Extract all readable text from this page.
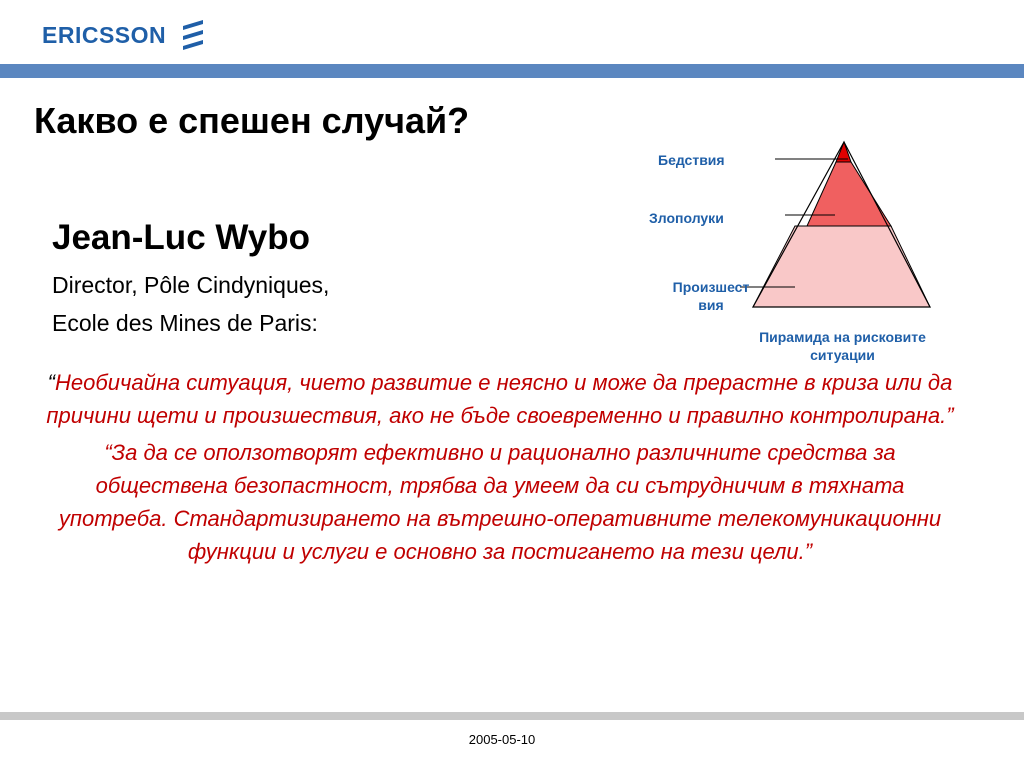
ERICSSON
Какво е спешен случай?
Jean-Luc Wybo
Director, Pôle Cindyniques,
Ecole des Mines de Paris:
Бедствия
Злополуки
Произшест вия
Пирамида на рисковите ситуации

“Необичайна ситуация, чието развитие е неясно и може да прерастне в криза или да причини щети и произшествия, ако не бъде своевременно и правилно контролирана.”

“За да се оползотворят ефективно и рационално различните средства за обществена безопастност, трябва да умеем да си сътрудничим в тяхната употреба. Стандартизирането на вътрешно-оперативните телекомуникационни функции и услуги е основно за постигането на тези цели.”

2005-05-10
